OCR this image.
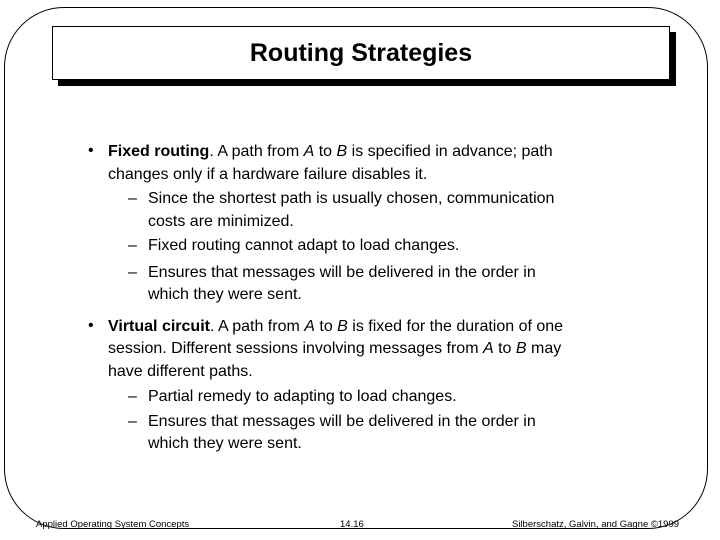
Routing Strategies
• Fixed routing. A path from A to B is specified in advance; path
changes only if a hardware failure disables it.
– Since the shortest path is usually chosen, communication
costs are minimized.
– Fixed routing cannot adapt to load changes.
– Ensures that messages will be delivered in the order in
which they were sent.
• Virtual circuit. A path from A to B is fixed for the duration of one
session. Different sessions involving messages from A to B may
have different paths.
– Partial remedy to adapting to load changes.
– Ensures that messages will be delivered in the order in
which they were sent.
Applied Operating System Concepts	14.16	Silberschatz, Galvin, and Gagne ©1999
